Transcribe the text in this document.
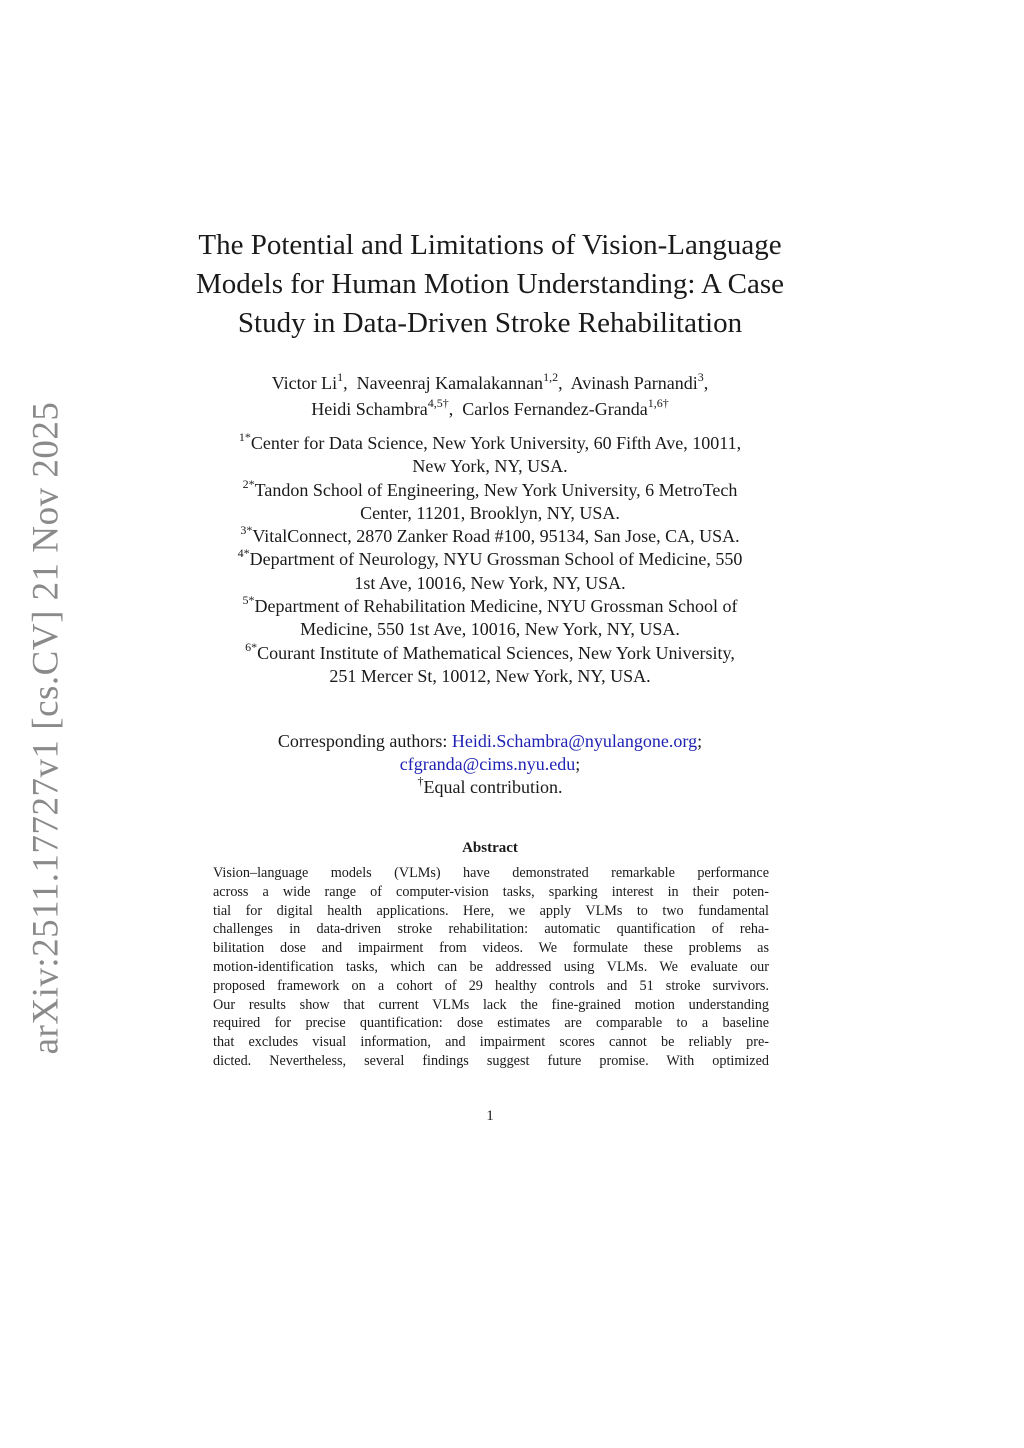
arXiv:2511.17727v1 [cs.CV] 21 Nov 2025
The Potential and Limitations of Vision-Language
Models for Human Motion Understanding: A Case
Study in Data-Driven Stroke Rehabilitation
Victor Li$^1$, Naveenraj Kamalakannan$^{1,2}$, Avinash Parnandi$^3$,
Heidi Schambra$^{4,5\dagger}$, Carlos Fernandez-Granda$^{1,6\dagger}$
$^{1*}$Center for Data Science, New York University, 60 Fifth Ave, 10011,
New York, NY, USA.
$^{2*}$Tandon School of Engineering, New York University, 6 MetroTech
Center, 11201, Brooklyn, NY, USA.
$^{3*}$VitalConnect, 2870 Zanker Road #100, 95134, San Jose, CA, USA.
$^{4*}$Department of Neurology, NYU Grossman School of Medicine, 550
1st Ave, 10016, New York, NY, USA.
$^{5*}$Department of Rehabilitation Medicine, NYU Grossman School of
Medicine, 550 1st Ave, 10016, New York, NY, USA.
$^{6*}$Courant Institute of Mathematical Sciences, New York University,
251 Mercer St, 10012, New York, NY, USA.
Corresponding authors: Heidi.Schambra@nyulangone.org;
cfgranda@cims.nyu.edu;
†Equal contribution.
Abstract
Vision–language models (VLMs) have demonstrated remarkable performance
across a wide range of computer-vision tasks, sparking interest in their poten-
tial for digital health applications. Here, we apply VLMs to two fundamental
challenges in data-driven stroke rehabilitation: automatic quantification of reha-
bilitation dose and impairment from videos. We formulate these problems as
motion-identification tasks, which can be addressed using VLMs. We evaluate our
proposed framework on a cohort of 29 healthy controls and 51 stroke survivors.
Our results show that current VLMs lack the fine-grained motion understanding
required for precise quantification: dose estimates are comparable to a baseline
that excludes visual information, and impairment scores cannot be reliably pre-
dicted. Nevertheless, several findings suggest future promise. With optimized
1
